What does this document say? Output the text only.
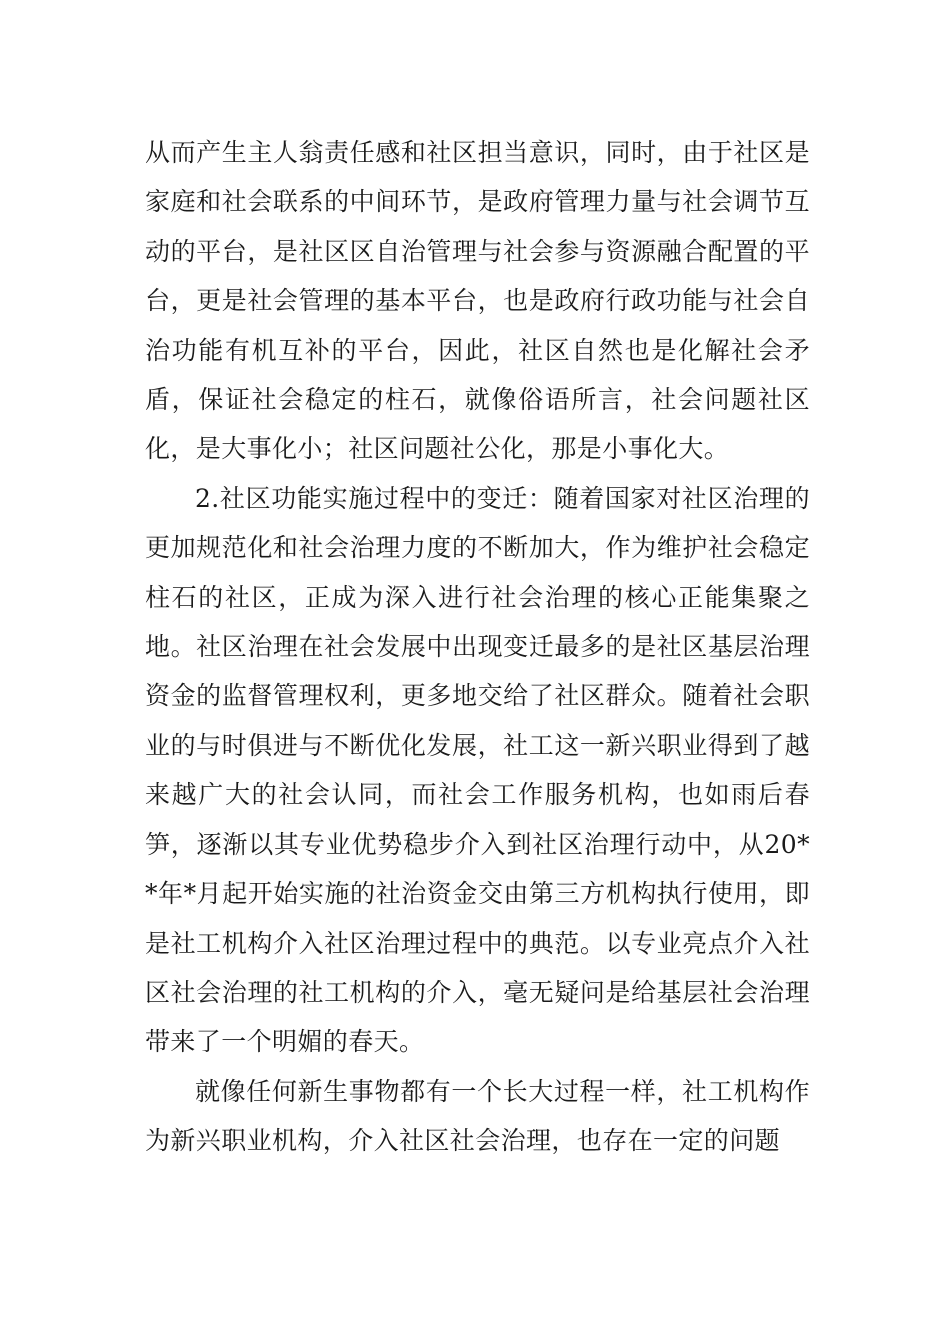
从而产生主人翁责任感和社区担当意识，同时，由于社区是家庭和社会联系的中间环节，是政府管理力量与社会调节互动的平台，是社区区自治管理与社会参与资源融合配置的平台，更是社会管理的基本平台，也是政府行政功能与社会自治功能有机互补的平台，因此，社区自然也是化解社会矛盾，保证社会稳定的柱石，就像俗语所言，社会问题社区化，是大事化小；社区问题社公化，那是小事化大。

2.社区功能实施过程中的变迁：随着国家对社区治理的更加规范化和社会治理力度的不断加大，作为维护社会稳定柱石的社区，正成为深入进行社会治理的核心正能集聚之地。社区治理在社会发展中出现变迁最多的是社区基层治理资金的监督管理权利，更多地交给了社区群众。随着社会职业的与时俱进与不断优化发展，社工这一新兴职业得到了越来越广大的社会认同，而社会工作服务机构，也如雨后春笋，逐渐以其专业优势稳步介入到社区治理行动中，从20**年*月起开始实施的社治资金交由第三方机构执行使用，即是社工机构介入社区治理过程中的典范。以专业亮点介入社区社会治理的社工机构的介入，毫无疑问是给基层社会治理带来了一个明媚的春天。

就像任何新生事物都有一个长大过程一样，社工机构作为新兴职业机构，介入社区社会治理，也存在一定的问题
